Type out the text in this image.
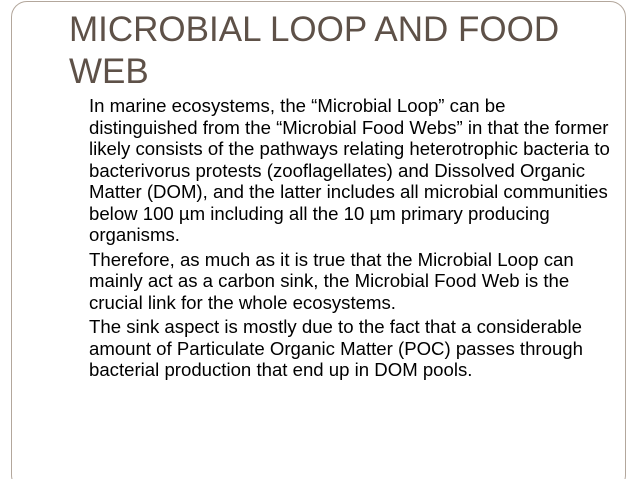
MICROBIAL LOOP AND FOOD WEB
In marine ecosystems, the “Microbial Loop” can be distinguished from the “Microbial Food Webs” in that the former likely consists of the pathways relating heterotrophic bacteria to bacterivorus protests (zooflagellates) and Dissolved Organic Matter (DOM), and the latter includes all microbial communities below 100 µm including all the 10 µm primary producing organisms.
Therefore, as much as it is true that the Microbial Loop can mainly act as a carbon sink, the Microbial Food Web is the crucial link for the whole ecosystems.
The sink aspect is mostly due to the fact that a considerable amount of Particulate Organic Matter (POC) passes through bacterial production that end up in DOM pools.
